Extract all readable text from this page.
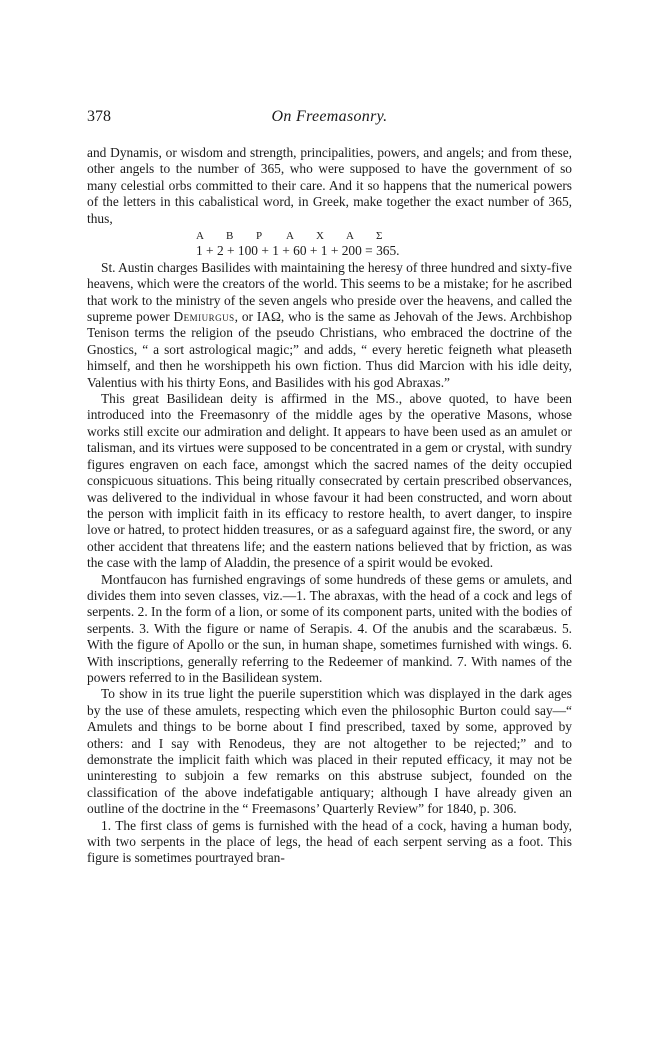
378	On Freemasonry.

and Dynamis, or wisdom and strength, principalities, powers, and angels; and from these, other angels to the number of 365, who were supposed to have the government of so many celestial orbs committed to their care. And it so happens that the numerical powers of the letters in this cabalistical word, in Greek, make together the exact number of 365, thus,

Α	Β	Ρ	Α	Χ	Α	Σ
1 + 2 + 100 + 1 + 60 + 1 + 200 = 365.

St. Austin charges Basilides with maintaining the heresy of three hundred and sixty-five heavens, which were the creators of the world. This seems to be a mistake; for he ascribed that work to the ministry of the seven angels who preside over the heavens, and called the supreme power Demiurgus, or ΙΑΩ, who is the same as Jehovah of the Jews. Archbishop Tenison terms the religion of the pseudo Christians, who embraced the doctrine of the Gnostics, “ a sort astrological magic;” and adds, “ every heretic feigneth what pleaseth himself, and then he worshippeth his own fiction. Thus did Marcion with his idle deity, Valentius with his thirty Eons, and Basilides with his god Abraxas.”

This great Basilidean deity is affirmed in the MS., above quoted, to have been introduced into the Freemasonry of the middle ages by the operative Masons, whose works still excite our admiration and delight. It appears to have been used as an amulet or talisman, and its virtues were supposed to be concentrated in a gem or crystal, with sundry figures engraven on each face, amongst which the sacred names of the deity occupied conspicuous situations. This being ritually consecrated by certain prescribed observances, was delivered to the individual in whose favour it had been constructed, and worn about the person with implicit faith in its efficacy to restore health, to avert danger, to inspire love or hatred, to protect hidden treasures, or as a safeguard against fire, the sword, or any other accident that threatens life; and the eastern nations believed that by friction, as was the case with the lamp of Aladdin, the presence of a spirit would be evoked.

Montfaucon has furnished engravings of some hundreds of these gems or amulets, and divides them into seven classes, viz.—1. The abraxas, with the head of a cock and legs of serpents. 2. In the form of a lion, or some of its component parts, united with the bodies of serpents. 3. With the figure or name of Serapis. 4. Of the anubis and the scarabæus. 5. With the figure of Apollo or the sun, in human shape, sometimes furnished with wings. 6. With inscriptions, generally referring to the Redeemer of mankind. 7. With names of the powers referred to in the Basilidean system.

To show in its true light the puerile superstition which was displayed in the dark ages by the use of these amulets, respecting which even the philosophic Burton could say—“ Amulets and things to be borne about I find prescribed, taxed by some, approved by others: and I say with Renodeus, they are not altogether to be rejected;” and to demonstrate the implicit faith which was placed in their reputed efficacy, it may not be uninteresting to subjoin a few remarks on this abstruse subject, founded on the classification of the above indefatigable antiquary; although I have already given an outline of the doctrine in the “ Freemasons’ Quarterly Review” for 1840, p. 306.

1. The first class of gems is furnished with the head of a cock, having a human body, with two serpents in the place of legs, the head of each serpent serving as a foot. This figure is sometimes pourtrayed bran-
